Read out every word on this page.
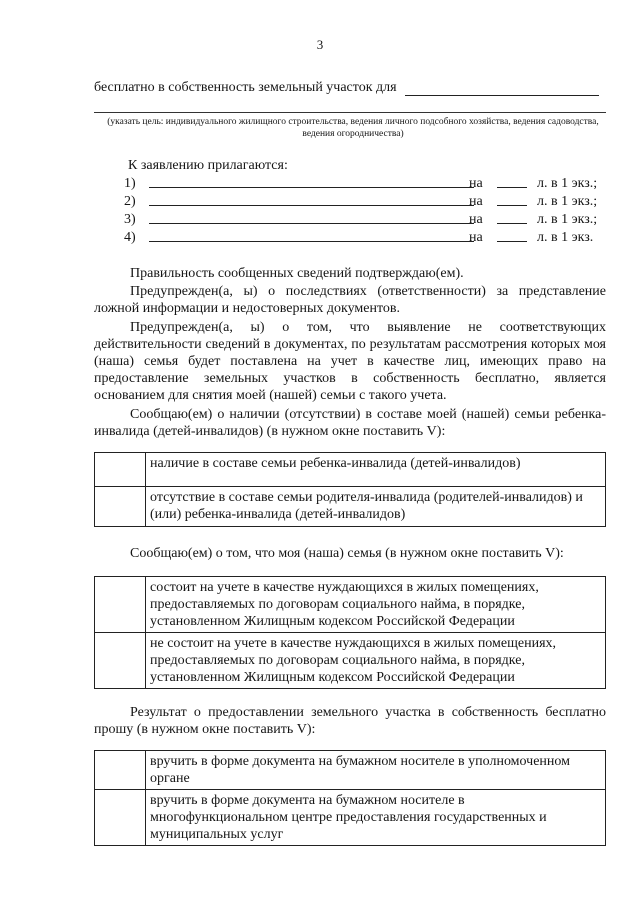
3
бесплатно в собственность земельный участок для
(указать цель: индивидуального жилищного строительства, ведения личного подсобного хозяйства, ведения садоводства, ведения огородничества)
К заявлению прилагаются:
1)	на	л. в 1 экз.;
2)	на	л. в 1 экз.;
3)	на	л. в 1 экз.;
4)	на	л. в 1 экз.
Правильность сообщенных сведений подтверждаю(ем).
Предупрежден(а, ы) о последствиях (ответственности) за представление ложной информации и недостоверных документов.
Предупрежден(а, ы) о том, что выявление не соответствующих действительности сведений в документах, по результатам рассмотрения которых моя (наша) семья будет поставлена на учет в качестве лиц, имеющих право на предоставление земельных участков в собственность бесплатно, является основанием для снятия моей (нашей) семьи с такого учета.
Сообщаю(ем) о наличии (отсутствии) в составе моей (нашей) семьи ребенка-инвалида (детей-инвалидов) (в нужном окне поставить V):
	наличие в составе семьи ребенка-инвалида (детей-инвалидов)
	отсутствие в составе семьи родителя-инвалида (родителей-инвалидов) и (или) ребенка-инвалида (детей-инвалидов)
Сообщаю(ем) о том, что моя (наша) семья (в нужном окне поставить V):
	состоит на учете в качестве нуждающихся в жилых помещениях, предоставляемых по договорам социального найма, в порядке, установленном Жилищным кодексом Российской Федерации
	не состоит на учете в качестве нуждающихся в жилых помещениях, предоставляемых по договорам социального найма, в порядке, установленном Жилищным кодексом Российской Федерации
Результат о предоставлении земельного участка в собственность бесплатно прошу (в нужном окне поставить V):
	вручить в форме документа на бумажном носителе в уполномоченном органе
	вручить в форме документа на бумажном носителе в многофункциональном центре предоставления государственных и муниципальных услуг
